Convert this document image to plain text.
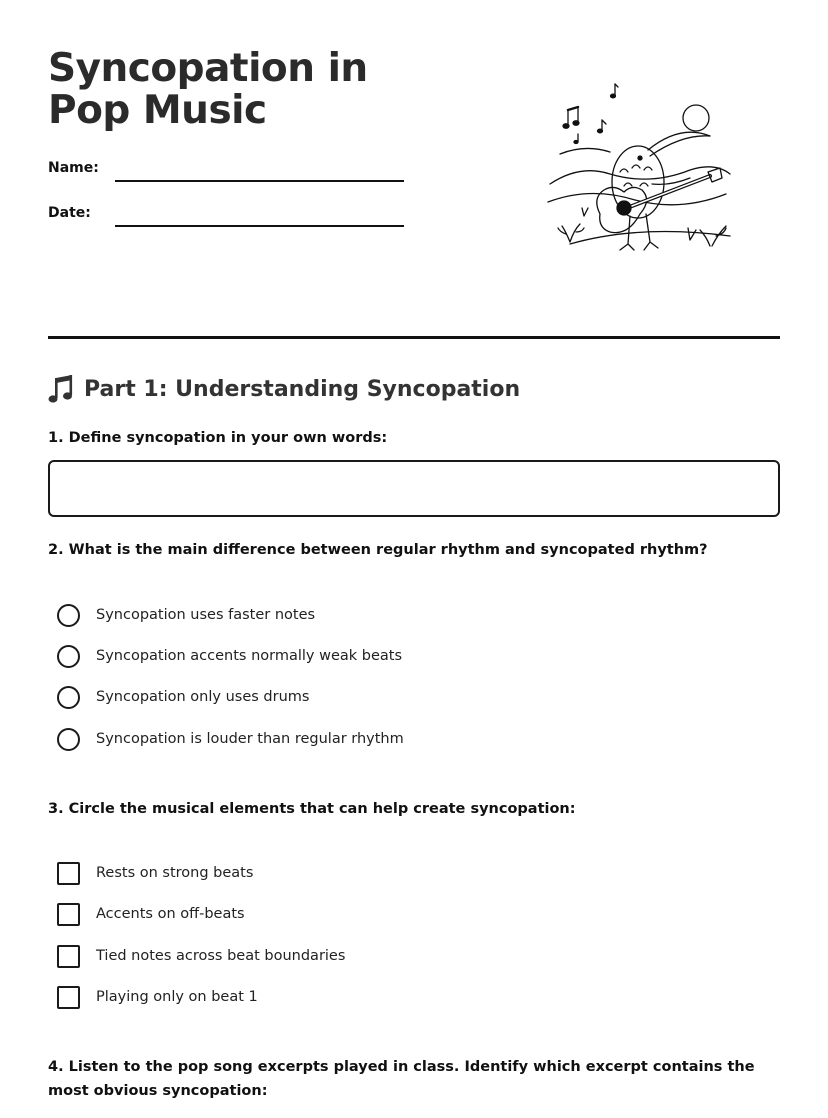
Syncopation in Pop Music
Name:
Date:
Part 1: Understanding Syncopation
1. Define syncopation in your own words:
2. What is the main difference between regular rhythm and syncopated rhythm?
Syncopation uses faster notes
Syncopation accents normally weak beats
Syncopation only uses drums
Syncopation is louder than regular rhythm
3. Circle the musical elements that can help create syncopation:
Rests on strong beats
Accents on off-beats
Tied notes across beat boundaries
Playing only on beat 1
4. Listen to the pop song excerpts played in class. Identify which excerpt contains the most obvious syncopation:
